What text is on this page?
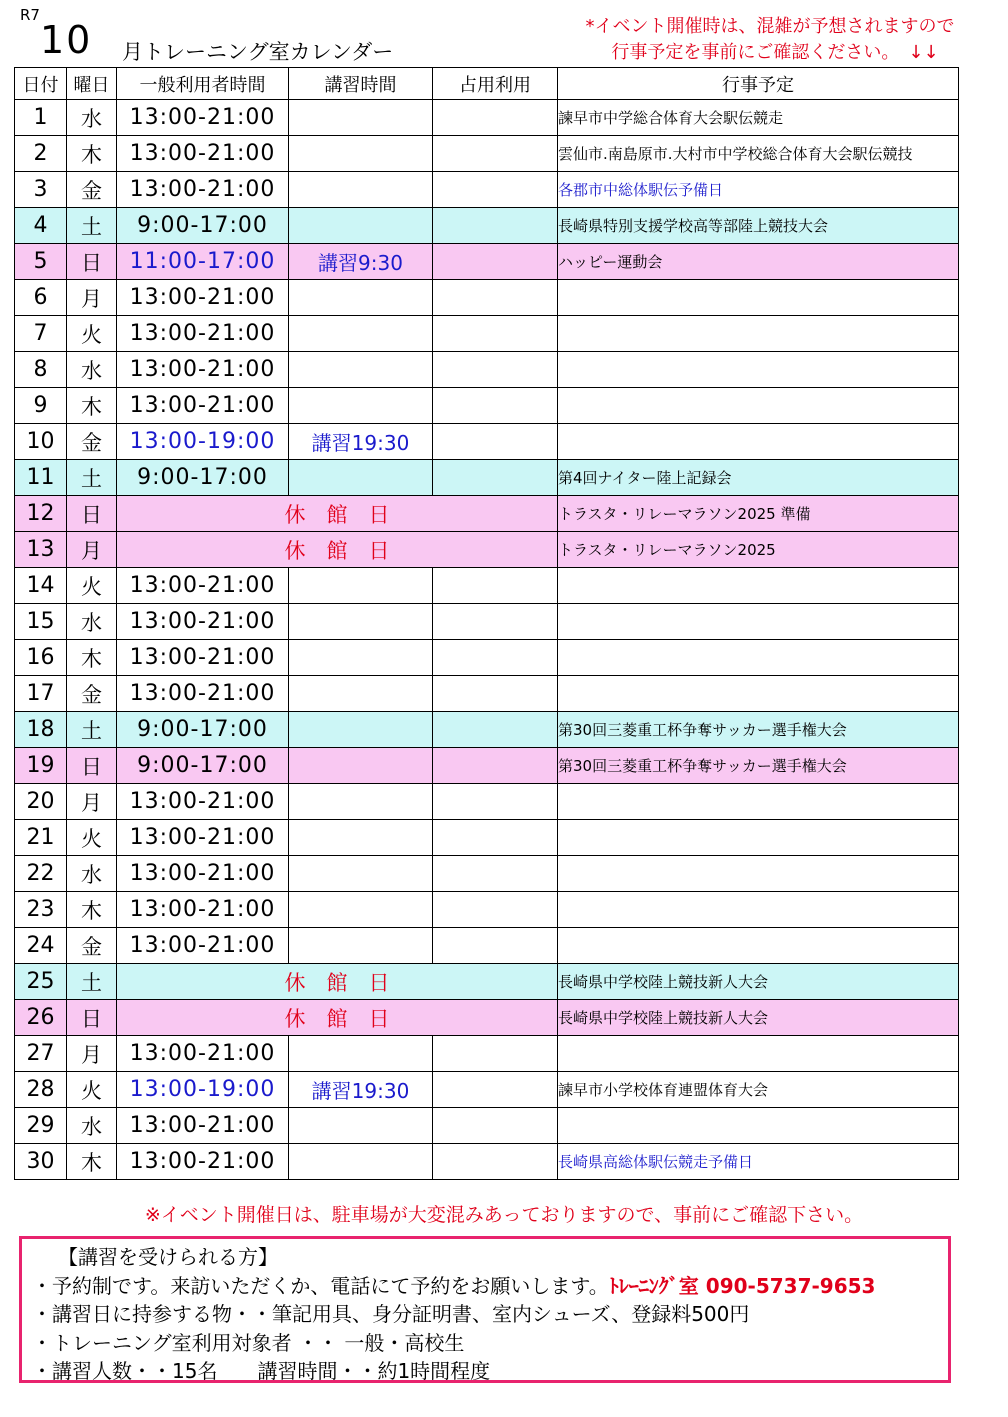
R7
10 月トレーニング室カレンダー
*イベント開催時は、混雑が予想されますので
行事予定を事前にご確認ください。　↓↓
日付	曜日	一般利用者時間	講習時間	占用利用	行事予定
1	水	13:00-21:00			諫早市中学総合体育大会駅伝競走
2	木	13:00-21:00			雲仙市.南島原市.大村市中学校総合体育大会駅伝競技
3	金	13:00-21:00			各郡市中総体駅伝予備日
4	土	9:00-17:00			長崎県特別支援学校高等部陸上競技大会
5	日	11:00-17:00	講習9:30		ハッピー運動会
6	月	13:00-21:00			
7	火	13:00-21:00			
8	水	13:00-21:00			
9	木	13:00-21:00			
10	金	13:00-19:00	講習19:30		
11	土	9:00-17:00			第4回ナイター陸上記録会
12	日	休　館　日			トラスタ・リレーマラソン2025 準備
13	月	休　館　日			トラスタ・リレーマラソン2025
14	火	13:00-21:00			
15	水	13:00-21:00			
16	木	13:00-21:00			
17	金	13:00-21:00			
18	土	9:00-17:00			第30回三菱重工杯争奪サッカー選手権大会
19	日	9:00-17:00			第30回三菱重工杯争奪サッカー選手権大会
20	月	13:00-21:00			
21	火	13:00-21:00			
22	水	13:00-21:00			
23	木	13:00-21:00			
24	金	13:00-21:00			
25	土	休　館　日			長崎県中学校陸上競技新人大会
26	日	休　館　日			長崎県中学校陸上競技新人大会
27	月	13:00-21:00			
28	火	13:00-19:00	講習19:30		諫早市小学校体育連盟体育大会
29	水	13:00-21:00			
30	木	13:00-21:00			長崎県高総体駅伝競走予備日
※イベント開催日は、駐車場が大変混みあっておりますので、事前にご確認下さい。
【講習を受けられる方】
・予約制です。来訪いただくか、電話にて予約をお願いします。ﾄﾚｰﾆﾝｸﾞ室 090-5737-9653
・講習日に持参する物・・筆記用具、身分証明書、室内シューズ、登録料500円
・トレーニング室利用対象者 ・・ 一般・高校生
・講習人数・・15名　　講習時間・・約1時間程度
